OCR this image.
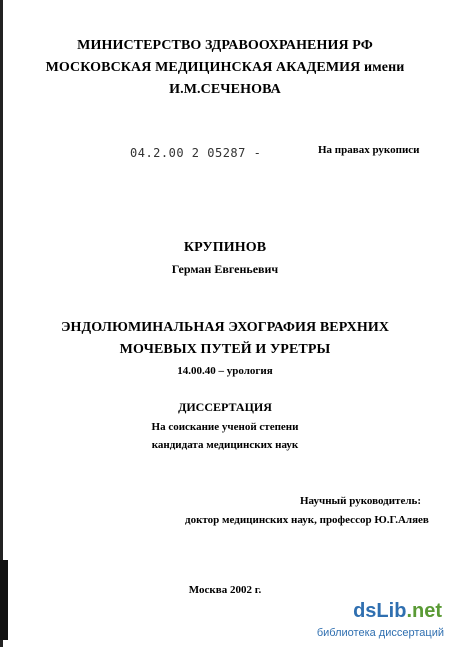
МИНИСТЕРСТВО ЗДРАВООХРАНЕНИЯ РФ
МОСКОВСКАЯ МЕДИЦИНСКАЯ АКАДЕМИЯ имени
И.М.СЕЧЕНОВА
04.2.00 2 05287 -	На правах рукописи
КРУПИНОВ
Герман Евгеньевич
ЭНДОЛЮМИНАЛЬНАЯ ЭХОГРАФИЯ ВЕРХНИХ
МОЧЕВЫХ ПУТЕЙ И УРЕТРЫ
14.00.40 – урология
ДИССЕРТАЦИЯ
На соискание ученой степени
кандидата медицинских наук
Научный руководитель:
доктор медицинских наук, профессор Ю.Г.Аляев
Москва 2002 г.
dsLib.net
библиотека диссертаций
